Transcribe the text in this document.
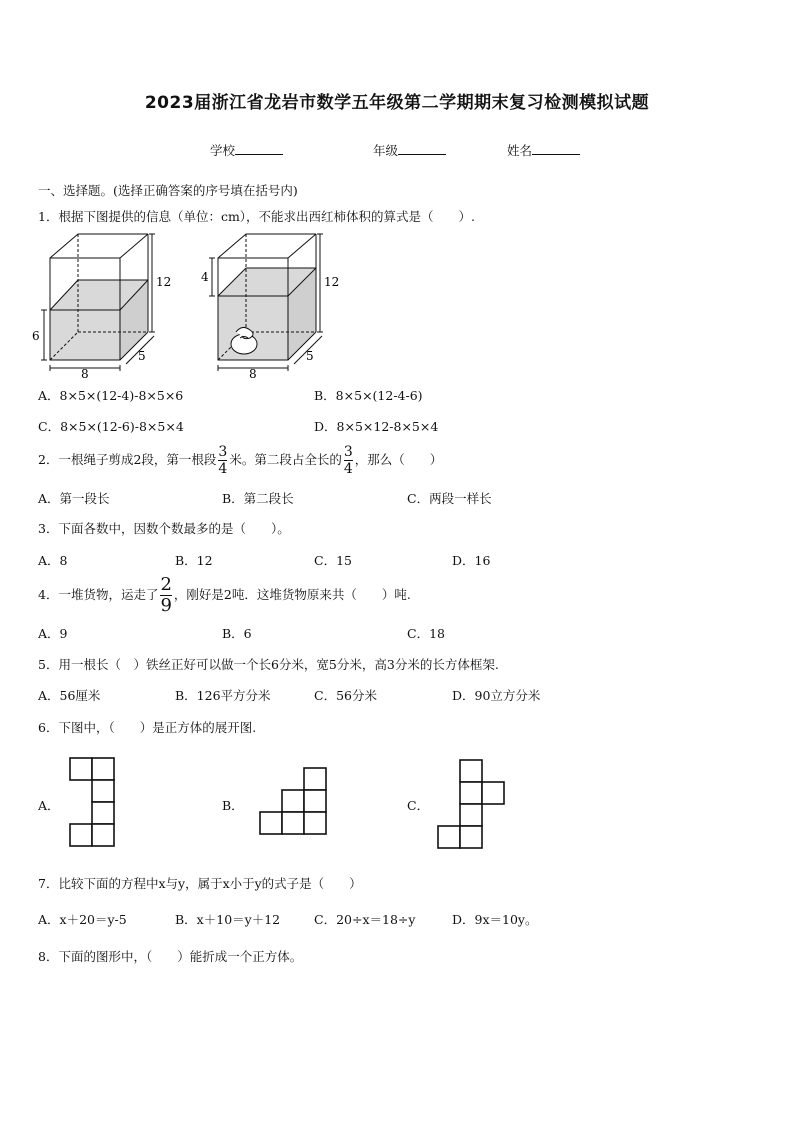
2023届浙江省龙岩市数学五年级第二学期期末复习检测模拟试题
学校	年级	姓名
一、选择题。(选择正确答案的序号填在括号内)
1．根据下图提供的信息（单位：cm），不能求出西红柿体积的算式是（　　）.
12
6
8
5
12
4
8
5
A．8×5×(12-4)-8×5×6	B．8×5×(12-4-6)
C．8×5×(12-6)-8×5×4	D．8×5×12-8×5×4
2．一根绳子剪成2段，第一根段 $\frac{3}{4}$ 米。第二段占全长的 $\frac{3}{4}$ ，那么（　　）
A．第一段长	B．第二段长	C．两段一样长
3．下面各数中，因数个数最多的是（　　）。
A．8	B．12	C．15	D．16
4．一堆货物，运走了 $\frac{2}{9}$ ，刚好是2吨．这堆货物原来共（　　）吨.
A．9	B．6	C．18
5．用一根长（　）铁丝正好可以做一个长6分米，宽5分米，高3分米的长方体框架.
A．56厘米	B．126平方分米	C．56分米	D．90立方分米
6．下图中，（　　）是正方体的展开图.
A．	B．	C．
7．比较下面的方程中x与y，属于x小于y的式子是（　　）
A．x＋20＝y-5	B．x＋10＝y＋12	C．20÷x＝18÷y	D．9x＝10y。
8．下面的图形中，（　　）能折成一个正方体。
